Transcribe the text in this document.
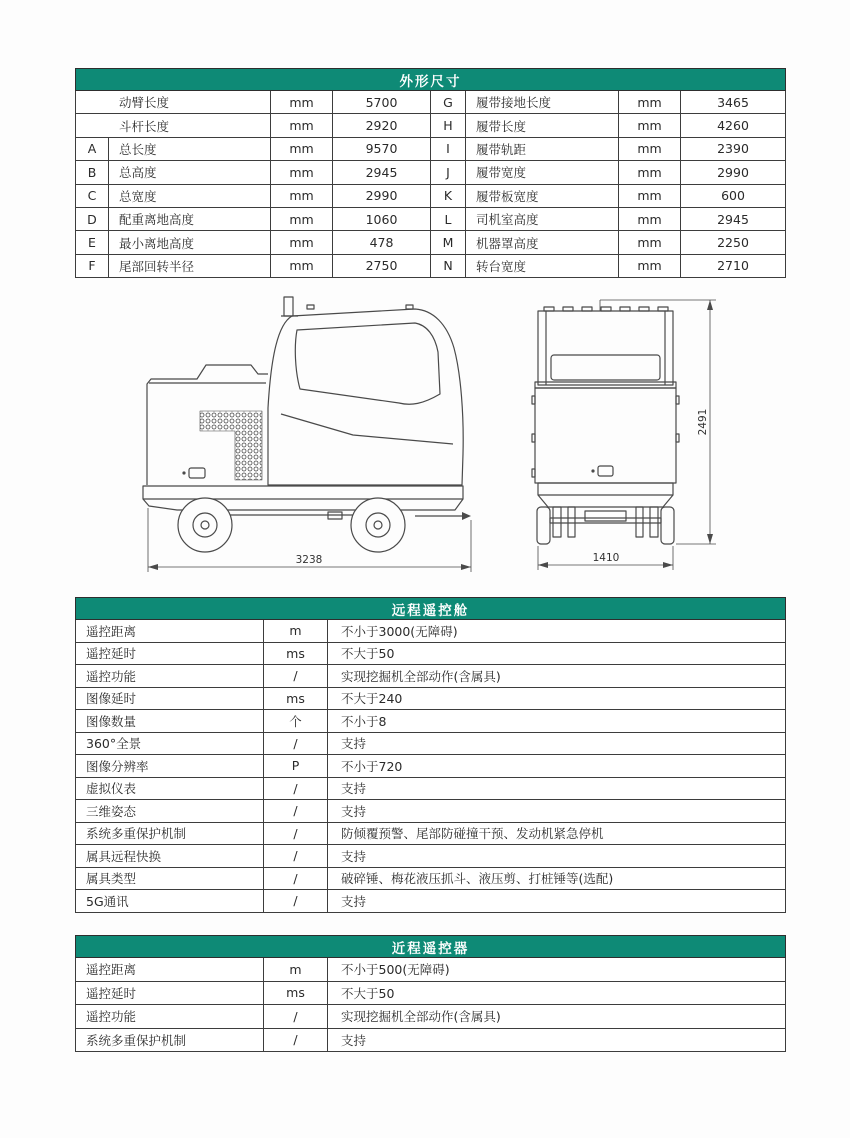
外形尺寸							
动臂长度		mm	5700	G	履带接地长度	mm	3465
斗杆长度		mm	2920	H	履带长度	mm	4260
A	总长度	mm	9570	I	履带轨距	mm	2390
B	总高度	mm	2945	J	履带宽度	mm	2990
C	总宽度	mm	2990	K	履带板宽度	mm	600
D	配重离地高度	mm	1060	L	司机室高度	mm	2945
E	最小离地高度	mm	478	M	机器罩高度	mm	2250
F	尾部回转半径	mm	2750	N	转台宽度	mm	2710
3238	1410
2491
远程遥控舱		
遥控距离	m	不小于3000(无障碍)
遥控延时	ms	不大于50
遥控功能	/	实现挖掘机全部动作(含属具)
图像延时	ms	不大于240
图像数量	个	不小于8
360°全景	/	支持
图像分辨率	P	不小于720
虚拟仪表	/	支持
三维姿态	/	支持
系统多重保护机制	/	防倾覆预警、尾部防碰撞干预、发动机紧急停机
属具远程快换	/	支持
属具类型	/	破碎锤、梅花液压抓斗、液压剪、打桩锤等(选配)
5G通讯	/	支持
近程遥控器		
遥控距离	m	不小于500(无障碍)
遥控延时	ms	不大于50
遥控功能	/	实现挖掘机全部动作(含属具)
系统多重保护机制	/	支持
